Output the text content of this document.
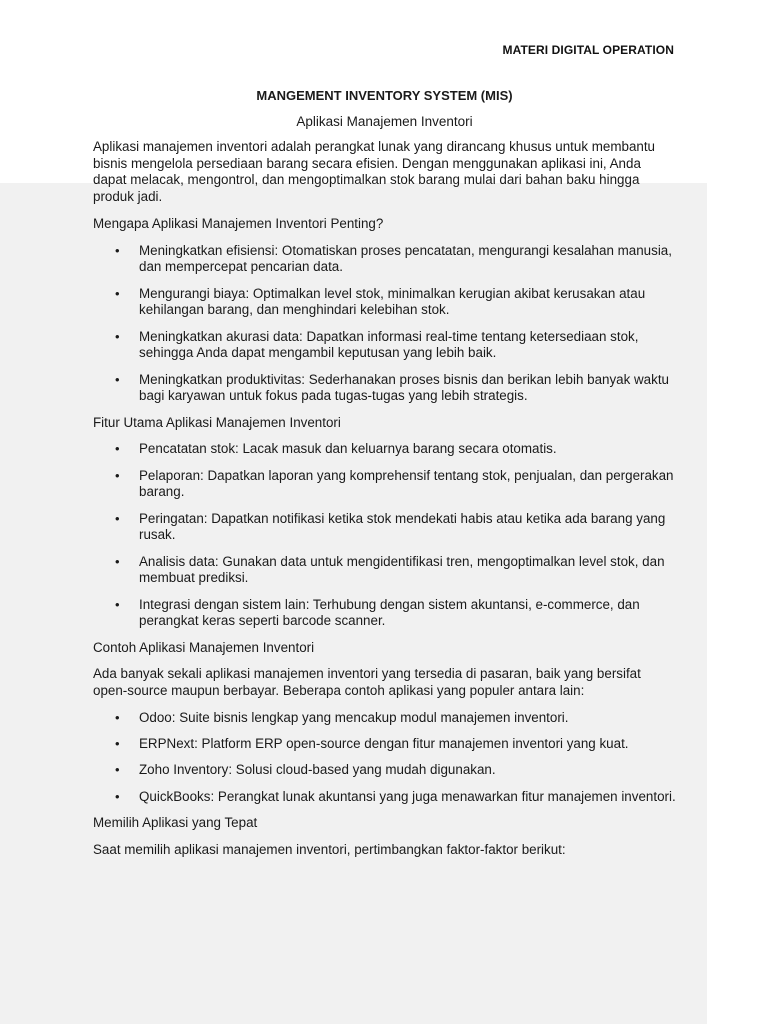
MATERI DIGITAL OPERATION
MANGEMENT INVENTORY SYSTEM (MIS)
Aplikasi Manajemen Inventori

Aplikasi manajemen inventori adalah perangkat lunak yang dirancang khusus untuk membantu bisnis mengelola persediaan barang secara efisien. Dengan menggunakan aplikasi ini, Anda dapat melacak, mengontrol, dan mengoptimalkan stok barang mulai dari bahan baku hingga produk jadi.

Mengapa Aplikasi Manajemen Inventori Penting?

• Meningkatkan efisiensi: Otomatiskan proses pencatatan, mengurangi kesalahan manusia, dan mempercepat pencarian data.
• Mengurangi biaya: Optimalkan level stok, minimalkan kerugian akibat kerusakan atau kehilangan barang, dan menghindari kelebihan stok.
• Meningkatkan akurasi data: Dapatkan informasi real-time tentang ketersediaan stok, sehingga Anda dapat mengambil keputusan yang lebih baik.
• Meningkatkan produktivitas: Sederhanakan proses bisnis dan berikan lebih banyak waktu bagi karyawan untuk fokus pada tugas-tugas yang lebih strategis.

Fitur Utama Aplikasi Manajemen Inventori

• Pencatatan stok: Lacak masuk dan keluarnya barang secara otomatis.
• Pelaporan: Dapatkan laporan yang komprehensif tentang stok, penjualan, dan pergerakan barang.
• Peringatan: Dapatkan notifikasi ketika stok mendekati habis atau ketika ada barang yang rusak.
• Analisis data: Gunakan data untuk mengidentifikasi tren, mengoptimalkan level stok, dan membuat prediksi.
• Integrasi dengan sistem lain: Terhubung dengan sistem akuntansi, e-commerce, dan perangkat keras seperti barcode scanner.

Contoh Aplikasi Manajemen Inventori

Ada banyak sekali aplikasi manajemen inventori yang tersedia di pasaran, baik yang bersifat open-source maupun berbayar. Beberapa contoh aplikasi yang populer antara lain:

• Odoo: Suite bisnis lengkap yang mencakup modul manajemen inventori.
• ERPNext: Platform ERP open-source dengan fitur manajemen inventori yang kuat.
• Zoho Inventory: Solusi cloud-based yang mudah digunakan.
• QuickBooks: Perangkat lunak akuntansi yang juga menawarkan fitur manajemen inventori.

Memilih Aplikasi yang Tepat

Saat memilih aplikasi manajemen inventori, pertimbangkan faktor-faktor berikut:
